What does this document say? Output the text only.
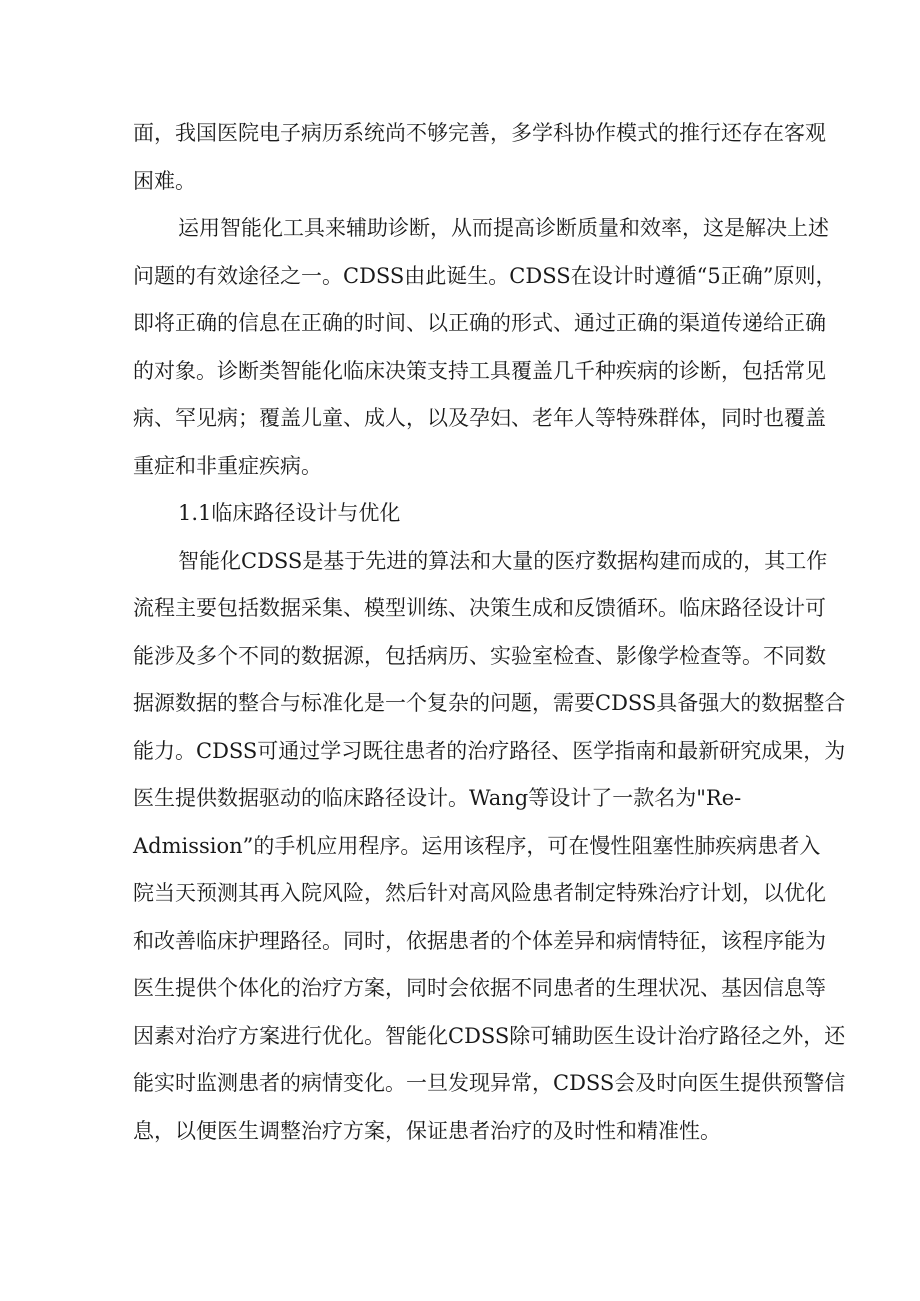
面，我国医院电子病历系统尚不够完善，多学科协作模式的推行还存在客观
困难。
运用智能化工具来辅助诊断，从而提高诊断质量和效率，这是解决上述
问题的有效途径之一。CDSS由此诞生。CDSS在设计时遵循“5正确”原则，
即将正确的信息在正确的时间、以正确的形式、通过正确的渠道传递给正确
的对象。诊断类智能化临床决策支持工具覆盖几千种疾病的诊断，包括常见
病、罕见病；覆盖儿童、成人，以及孕妇、老年人等特殊群体，同时也覆盖
重症和非重症疾病。
1.1临床路径设计与优化
智能化CDSS是基于先进的算法和大量的医疗数据构建而成的，其工作
流程主要包括数据采集、模型训练、决策生成和反馈循环。临床路径设计可
能涉及多个不同的数据源，包括病历、实验室检查、影像学检查等。不同数
据源数据的整合与标准化是一个复杂的问题，需要CDSS具备强大的数据整合
能力。CDSS可通过学习既往患者的治疗路径、医学指南和最新研究成果，为
医生提供数据驱动的临床路径设计。Wang等设计了一款名为"Re-
Admission”的手机应用程序。运用该程序，可在慢性阻塞性肺疾病患者入
院当天预测其再入院风险，然后针对高风险患者制定特殊治疗计划，以优化
和改善临床护理路径。同时，依据患者的个体差异和病情特征，该程序能为
医生提供个体化的治疗方案，同时会依据不同患者的生理状况、基因信息等
因素对治疗方案进行优化。智能化CDSS除可辅助医生设计治疗路径之外，还
能实时监测患者的病情变化。一旦发现异常，CDSS会及时向医生提供预警信
息，以便医生调整治疗方案，保证患者治疗的及时性和精准性。
